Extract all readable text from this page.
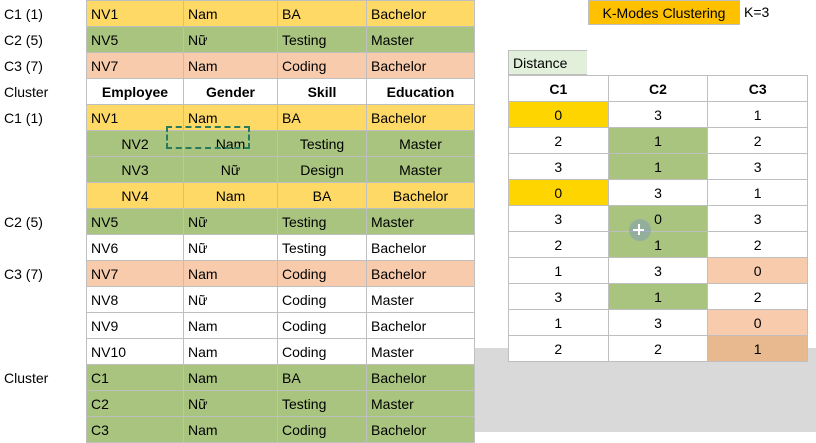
C1 (1)	NV1	Nam	BA	Bachelor
C2 (5)	NV5	Nữ	Testing	Master
C3 (7)	NV7	Nam	Coding	Bachelor
Cluster	Employee	Gender	Skill	Education
C1 (1)	NV1	Nam	BA	Bachelor
	NV2	Nam	Testing	Master
	NV3	Nữ	Design	Master
	NV4	Nam	BA	Bachelor
C2 (5)	NV5	Nữ	Testing	Master
	NV6	Nữ	Testing	Bachelor
C3 (7)	NV7	Nam	Coding	Bachelor
	NV8	Nữ	Coding	Master
	NV9	Nam	Coding	Bachelor
	NV10	Nam	Coding	Master
Cluster	C1	Nam	BA	Bachelor
	C2	Nữ	Testing	Master
	C3	Nam	Coding	Bachelor
K-Modes Clustering	K=3
Distance
C1	C2	C3
0	3	1
2	1	2
3	1	3
0	3	1
3	0	3
2	1	2
1	3	0
3	1	2
1	3	0
2	2	1
